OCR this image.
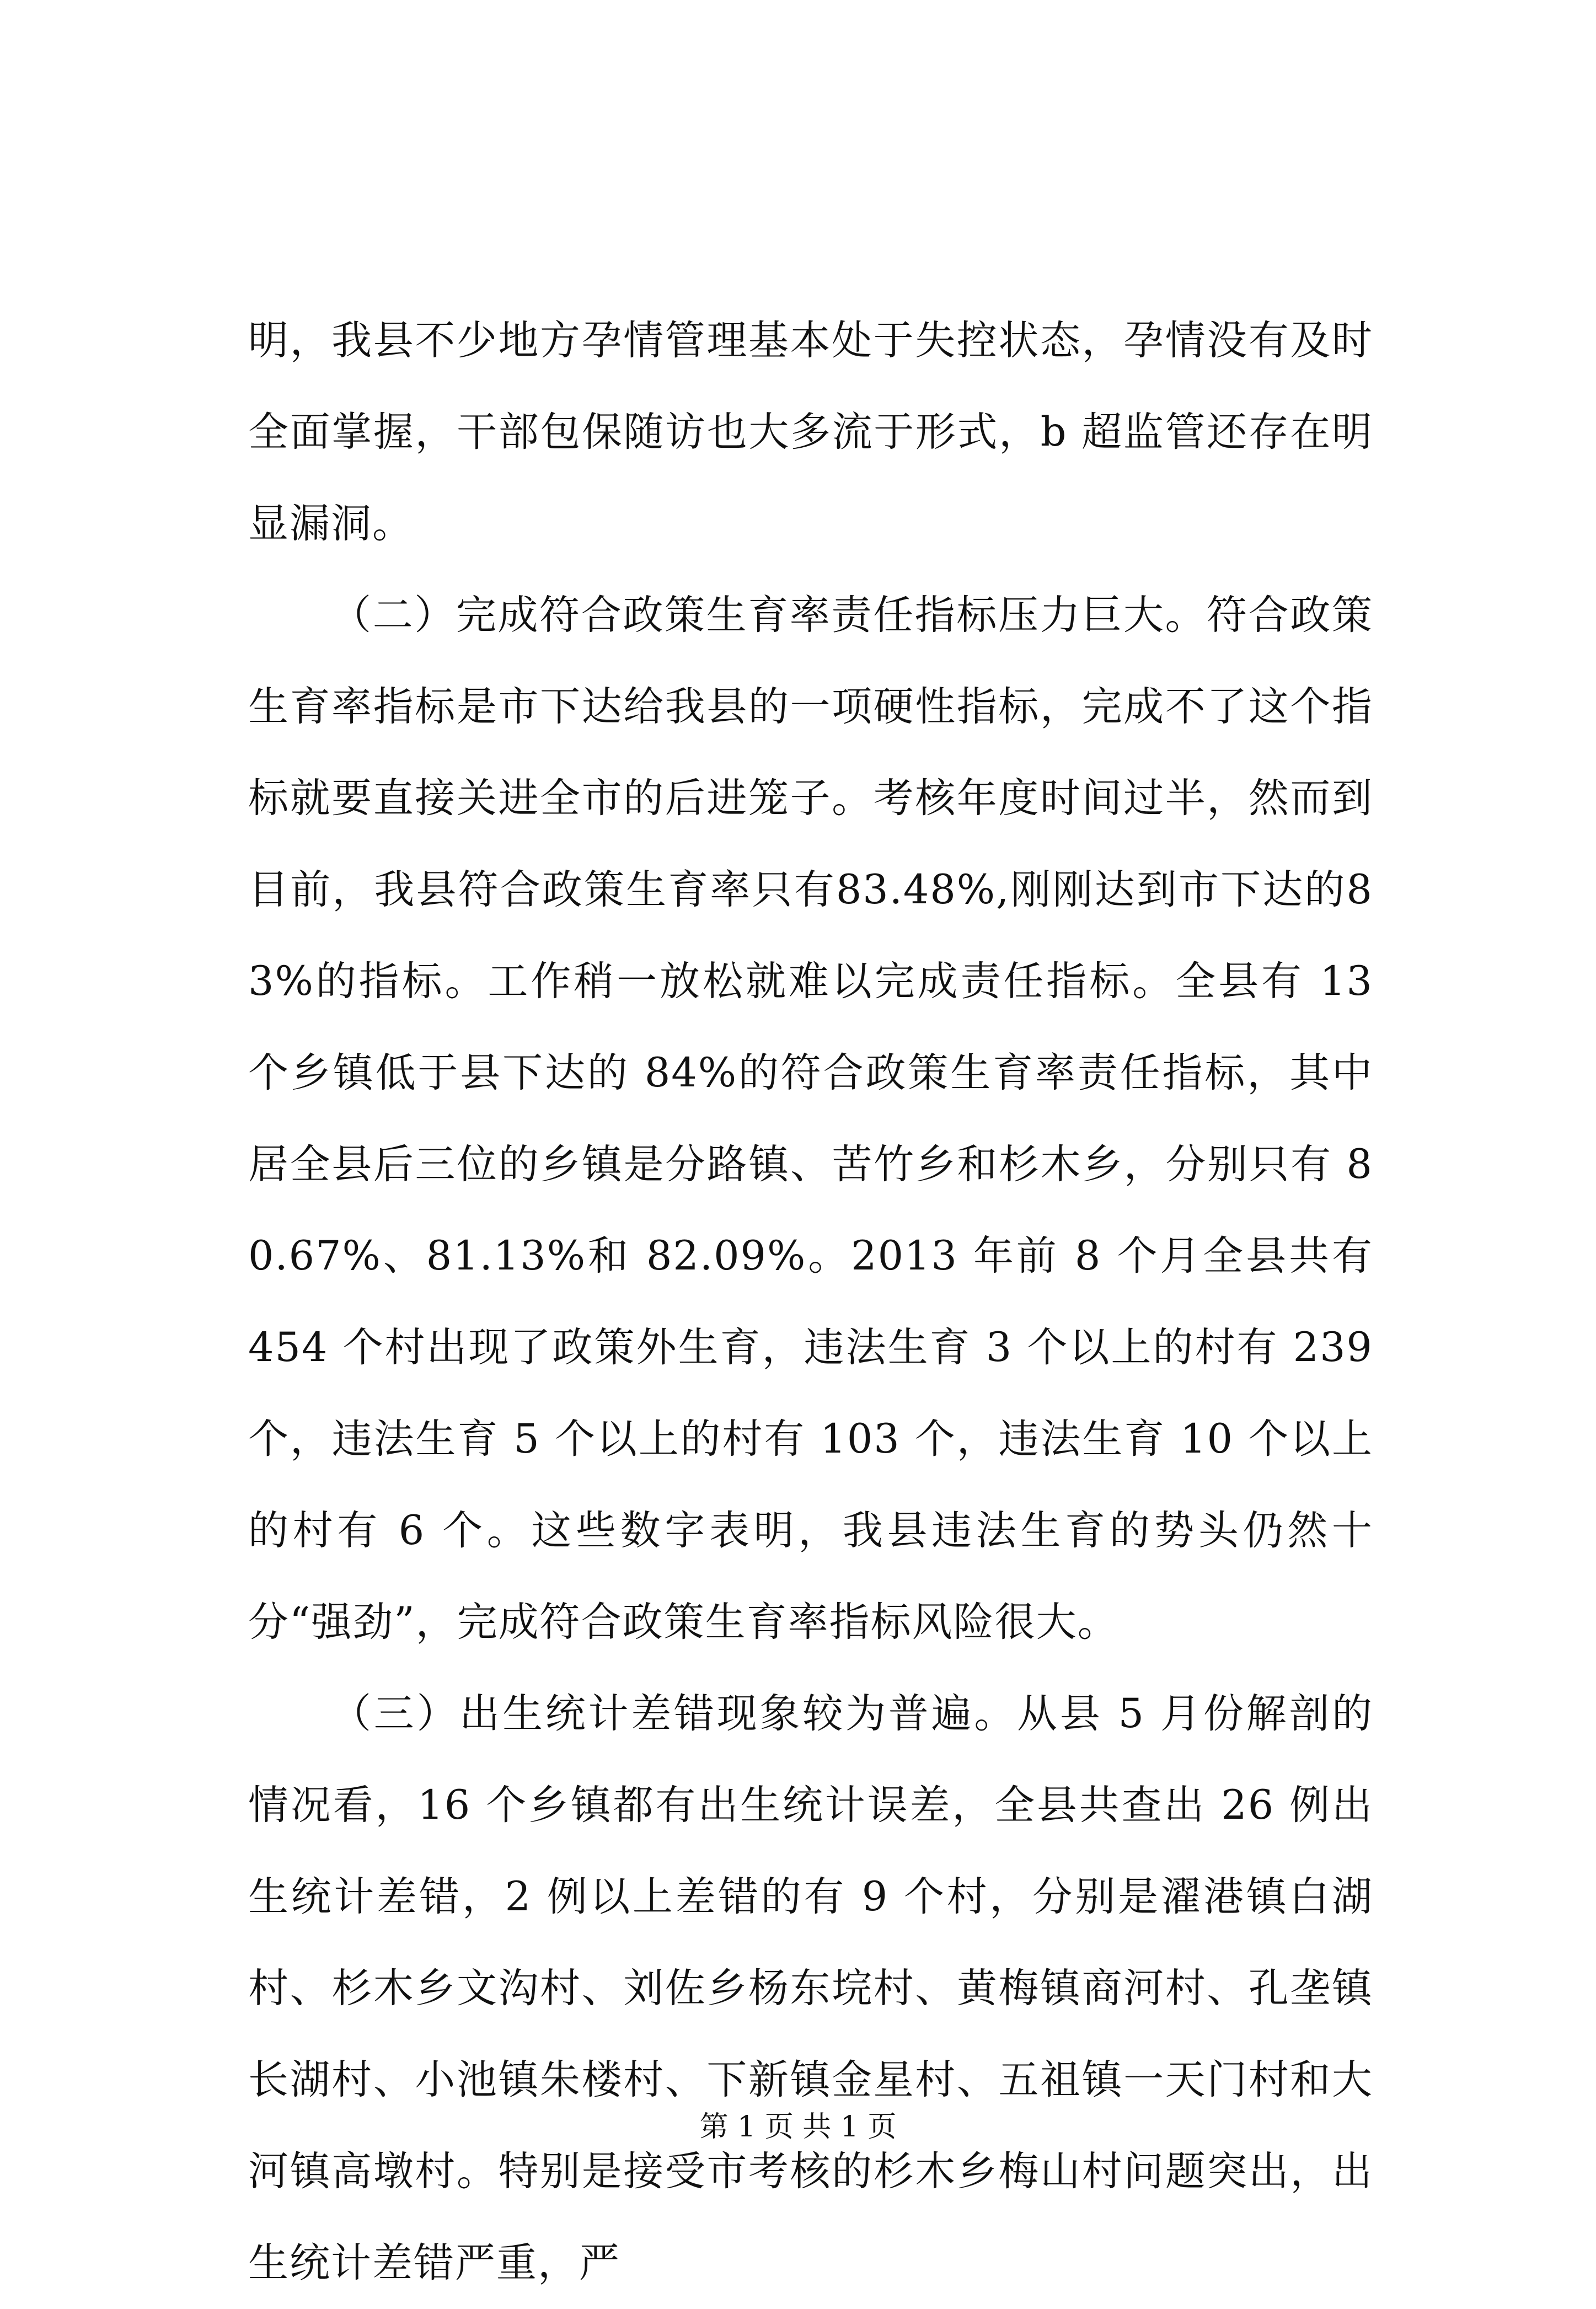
明，我县不少地方孕情管理基本处于失控状态，孕情没有及时全面掌握，干部包保随访也大多流于形式，b 超监管还存在明显漏洞。

（二）完成符合政策生育率责任指标压力巨大。符合政策生育率指标是市下达给我县的一项硬性指标，完成不了这个指标就要直接关进全市的后进笼子。考核年度时间过半，然而到目前，我县符合政策生育率只有83.48%,刚刚达到市下达的83%的指标。工作稍一放松就难以完成责任指标。全县有 13 个乡镇低于县下达的 84%的符合政策生育率责任指标，其中居全县后三位的乡镇是分路镇、苦竹乡和杉木乡，分别只有 80.67%、81.13%和 82.09%。2013 年前 8 个月全县共有 454 个村出现了政策外生育，违法生育 3 个以上的村有 239 个，违法生育 5 个以上的村有 103 个，违法生育 10 个以上的村有 6 个。这些数字表明，我县违法生育的势头仍然十分“强劲”，完成符合政策生育率指标风险很大。

（三）出生统计差错现象较为普遍。从县 5 月份解剖的情况看，16 个乡镇都有出生统计误差，全县共查出 26 例出生统计差错，2 例以上差错的有 9 个村，分别是濯港镇白湖村、杉木乡文沟村、刘佐乡杨东垸村、黄梅镇商河村、孔垄镇长湖村、小池镇朱楼村、下新镇金星村、五祖镇一天门村和大河镇高墩村。特别是接受市考核的杉木乡梅山村问题突出，出生统计差错严重，严

第 1 页 共 1 页
